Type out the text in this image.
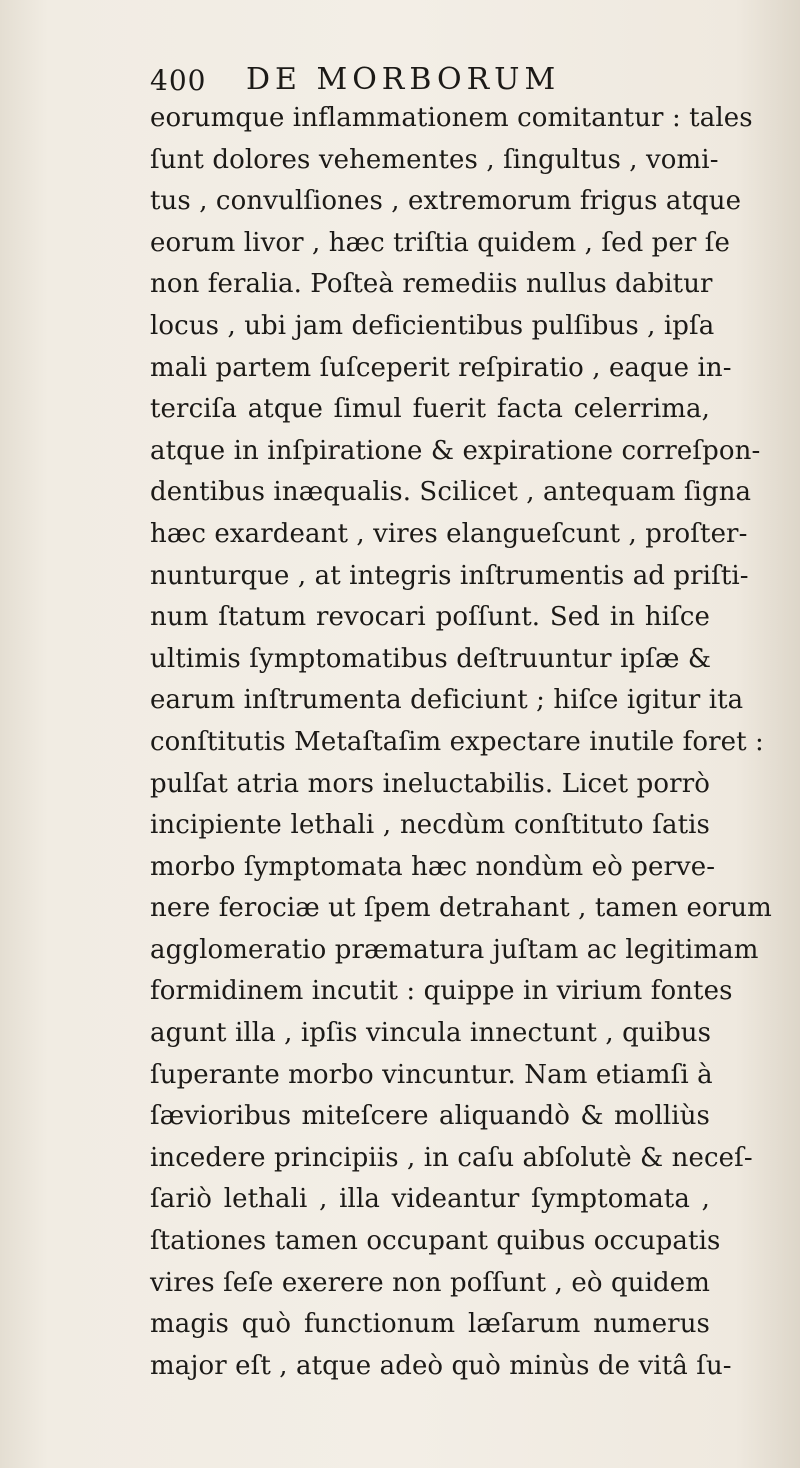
400 DE MORBORUM
eorumque inflammationem comitantur : tales
ſunt dolores vehementes , ſingultus , vomi-
tus , convulſiones , extremorum frigus atque
eorum livor , hæc triſtia quidem , ſed per ſe
non feralia. Poſteà remediis nullus dabitur
locus , ubi jam deficientibus pulſibus , ipſa
mali partem ſuſceperit reſpiratio , eaque in-
terciſa atque ſimul fuerit facta celerrima,
atque in inſpiratione & expiratione correſpon-
dentibus inæqualis. Scilicet , antequam ſigna
hæc exardeant , vires elanguеſcunt , proſter-
nunturque , at integris inſtrumentis ad priſti-
num ſtatum revocari poſſunt. Sed in hiſce
ultimis ſymptomatibus deſtruuntur ipſæ &
earum inſtrumenta deficiunt ; hiſce igitur ita
conſtitutis Metaſtaſim expectare inutile foret :
pulſat atria mors ineluctabilis. Licet porrò
incipiente lethali , necdùm conſtituto ſatis
morbo ſymptomata hæc nondùm eò perve-
nere ferociæ ut ſpem detrahant , tamen eorum
agglomeratio præmatura juſtam ac legitimam
formidinem incutit : quippe in virium fontes
agunt illa , ipſis vincula innectunt , quibus
ſuperante morbo vincuntur. Nam etiamſi à
ſævioribus miteſcere aliquandò & molliùs
incedere principiis , in caſu abſolutè & neceſ-
ſariò lethali , illa videantur ſymptomata ,
ſtationes tamen occupant quibus occupatis
vires ſeſe exerere non poſſunt , eò quidem
magis quò functionum læſarum numerus
major eſt , atque adeò quò minùs de vitâ ſu-
